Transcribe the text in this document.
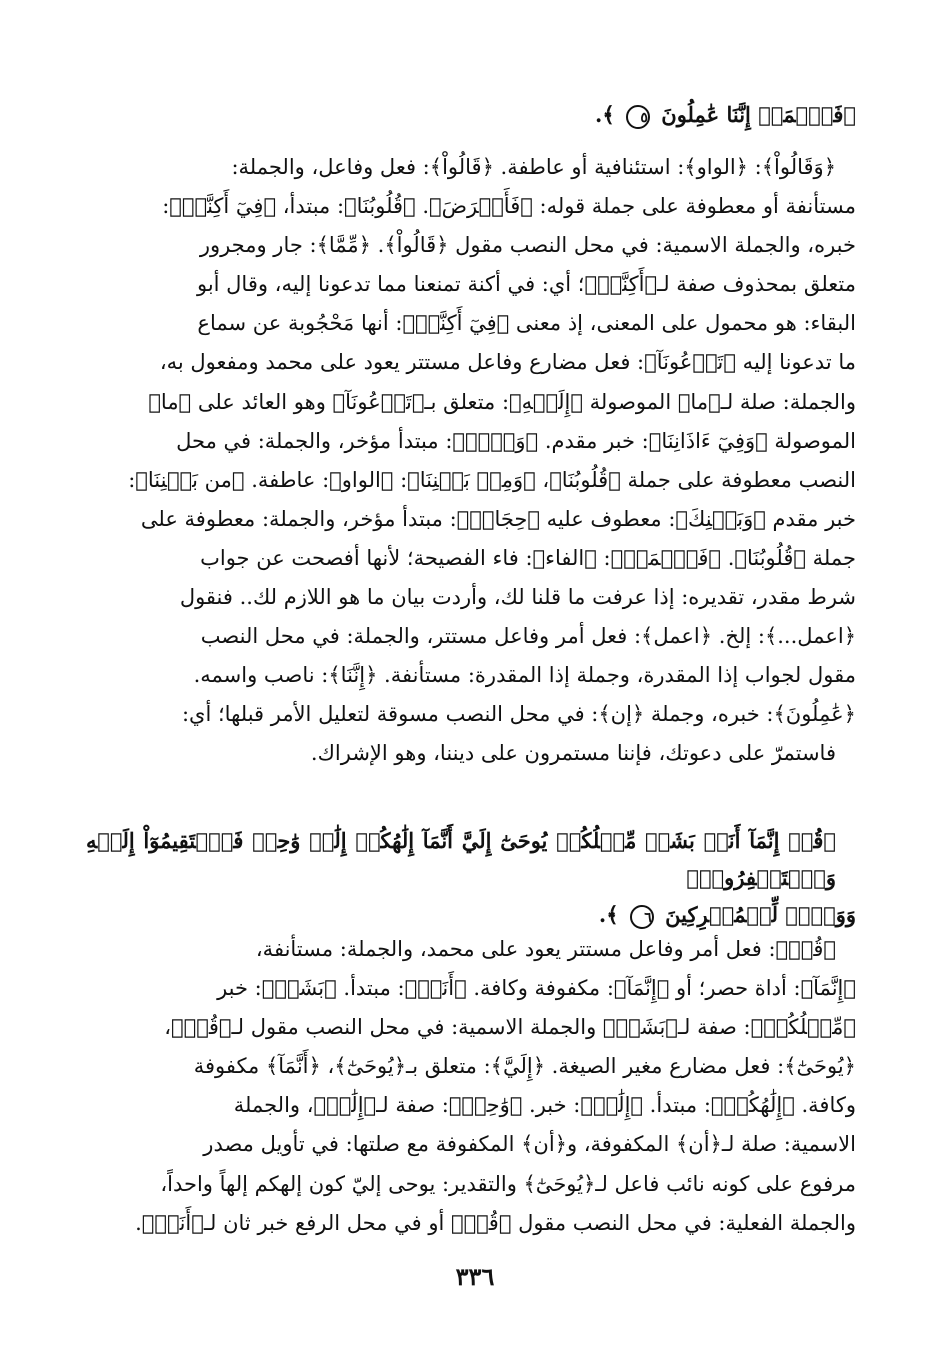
﴿فَٱعۡمَلۡ إِنَّنَا عَٰمِلُونَ ٥ ﴾.

﴿وَقَالُواْ﴾: ﴿الواو﴾: استئنافية أو عاطفة. ﴿قَالُواْ﴾: فعل وفاعل، والجملة:
مستأنفة أو معطوفة على جملة قوله: ﴿فَأَعۡرَضَ﴾. ﴿قُلُوبُنَا﴾: مبتدأ، ﴿فِيٓ أَكِنَّةٖ﴾:
خبره، والجملة الاسمية: في محل النصب مقول ﴿قَالُواْ﴾. ﴿مِّمَّا﴾: جار ومجرور
متعلق بمحذوف صفة لـ﴿أَكِنَّةٖ﴾؛ أي: في أكنة تمنعنا مما تدعونا إليه، وقال أبو
البقاء: هو محمول على المعنى، إذ معنى ﴿فِيٓ أَكِنَّةٖ﴾: أنها مَحْجُوبة عن سماع
ما تدعونا إليه ﴿تَدۡعُونَآ﴾: فعل مضارع وفاعل مستتر يعود على محمد ومفعول به،
والجملة: صلة لـ﴿ما﴾ الموصولة ﴿إِلَيۡهِ﴾: متعلق بـ﴿تَدۡعُونَآ﴾ وهو العائد على ﴿ما﴾
الموصولة ﴿وَفِيٓ ءَاذَانِنَا﴾: خبر مقدم. ﴿وَقۡرٞ﴾: مبتدأ مؤخر، والجملة: في محل
النصب معطوفة على جملة ﴿قُلُوبُنَا﴾، ﴿وَمِنۢ بَيۡنِنَا﴾: ﴿الواو﴾: عاطفة. ﴿من بَيۡنِنَا﴾:
خبر مقدم ﴿وَبَيۡنِكَ﴾: معطوف عليه ﴿حِجَابٞ﴾: مبتدأ مؤخر، والجملة: معطوفة على
جملة ﴿قُلُوبُنَا﴾. ﴿فَٱعۡمَلۡ﴾: ﴿الفاء﴾: فاء الفصيحة؛ لأنها أفصحت عن جواب
شرط مقدر، تقديره: إذا عرفت ما قلنا لك، وأردت بيان ما هو اللازم لك.. فنقول
﴿اعمل...﴾: إلخ. ﴿اعمل﴾: فعل أمر وفاعل مستتر، والجملة: في محل النصب
مقول لجواب إذا المقدرة، وجملة إذا المقدرة: مستأنفة. ﴿إِنَّنَا﴾: ناصب واسمه.
﴿عَٰمِلُونَ﴾: خبره، وجملة ﴿إن﴾: في محل النصب مسوقة لتعليل الأمر قبلها؛ أي:
فاستمرّ على دعوتك، فإننا مستمرون على ديننا، وهو الإشراك.

﴿قُلۡ إِنَّمَآ أَنَا۠ بَشَرٞ مِّثۡلُكُمۡ يُوحَىٰٓ إِلَيَّ أَنَّمَآ إِلَٰهُكُمۡ إِلَٰهٞ وَٰحِدٞ فَٱسۡتَقِيمُوٓاْ إِلَيۡهِ وَٱسۡتَغۡفِرُوهُۗ

وَوَيۡلٞ لِّلۡمُشۡرِكِينَ ٦ ﴾.

﴿قُلۡ﴾: فعل أمر وفاعل مستتر يعود على محمد، والجملة: مستأنفة،
﴿إِنَّمَآ﴾: أداة حصر؛ أو ﴿إِنَّمَآ﴾: مكفوفة وكافة. ﴿أَنَا۠﴾: مبتدأ. ﴿بَشَرٞ﴾: خبر
﴿مِّثۡلُكُمۡ﴾: صفة لـ﴿بَشَرٞ﴾ والجملة الاسمية: في محل النصب مقول لـ﴿قُلۡ﴾،
﴿يُوحَىٰٓ﴾: فعل مضارع مغير الصيغة. ﴿إِلَيَّ﴾: متعلق بـ﴿يُوحَىٰٓ﴾، ﴿أَنَّمَآ﴾ مكفوفة
وكافة. ﴿إِلَٰهُكُمۡ﴾: مبتدأ. ﴿إِلَٰهٞ﴾: خبر. ﴿وَٰحِدٞ﴾: صفة لـ﴿إِلَٰهٞ﴾، والجملة
الاسمية: صلة لـ﴿أن﴾ المكفوفة، و﴿أن﴾ المكفوفة مع صلتها: في تأويل مصدر
مرفوع على كونه نائب فاعل لـ﴿يُوحَىٰٓ﴾ والتقدير: يوحى إليّ كون إلهكم إلهاً واحداً،
والجملة الفعلية: في محل النصب مقول ﴿قُلۡ﴾ أو في محل الرفع خبر ثان لـ﴿أَنَا۠﴾.
٣٣٦
